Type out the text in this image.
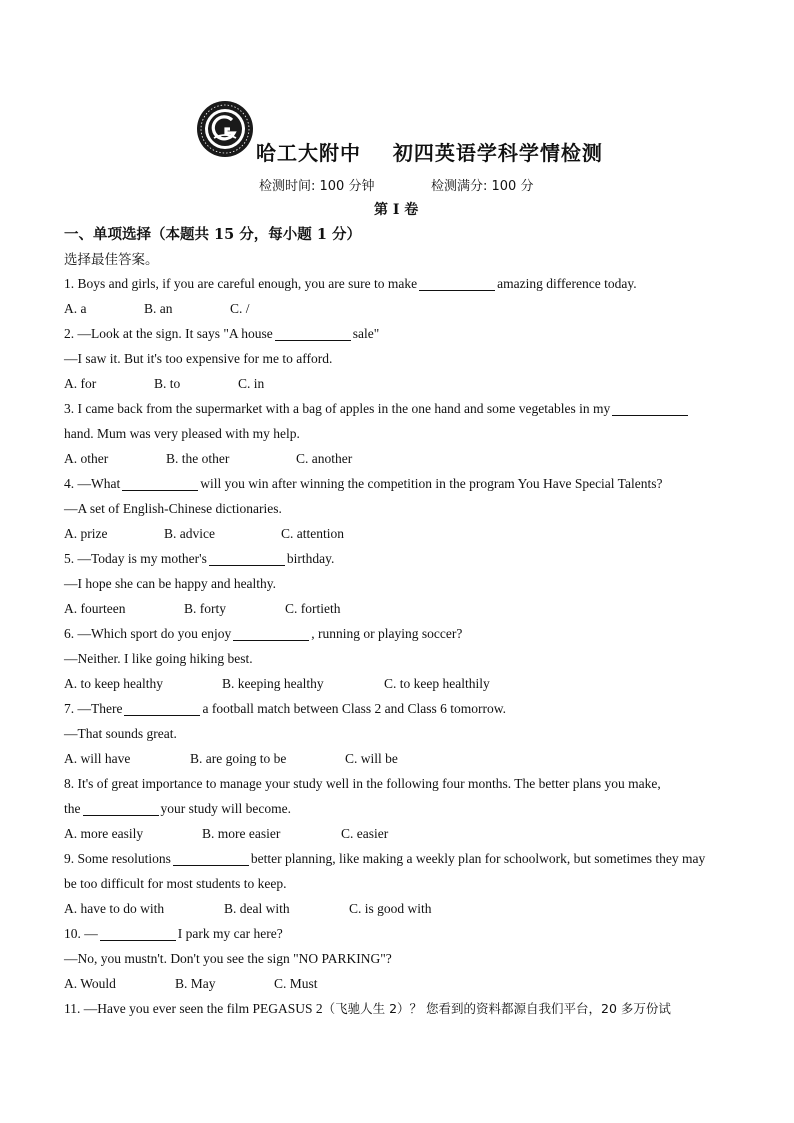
哈工大附中    初四英语学科学情检测
检测时间: 100 分钟	检测满分: 100 分
第 I 卷
一、单项选择（本题共 15 分，每小题 1 分）
选择最佳答案。
1. Boys and girls, if you are careful enough, you are sure to make	amazing difference today.
A. a	B. an	C. /
2. —Look at the sign. It says "A house	sale"
—I saw it. But it's too expensive for me to afford.
A. for	B. to	C. in
3. I came back from the supermarket with a bag of apples in the one hand and some vegetables in my
hand. Mum was very pleased with my help.
A. other	B. the other	C. another
4. —What	will you win after winning the competition in the program You Have Special Talents?
—A set of English-Chinese dictionaries.
A. prize	B. advice	C. attention
5. —Today is my mother's	birthday.
—I hope she can be happy and healthy.
A. fourteen	B. forty	C. fortieth
6. —Which sport do you enjoy	, running or playing soccer?
—Neither. I like going hiking best.
A. to keep healthy	B. keeping healthy	C. to keep healthily
7. —There	a football match between Class 2 and Class 6 tomorrow.
—That sounds great.
A. will have	B. are going to be	C. will be
8. It's of great importance to manage your study well in the following four months. The better plans you make,
the	your study will become.
A. more easily	B. more easier	C. easier
9. Some resolutions	better planning, like making a weekly plan for schoolwork, but sometimes they may
be too difficult for most students to keep.
A. have to do with	B. deal with	C. is good with
10. —	I park my car here?
—No, you mustn't. Don't you see the sign "NO PARKING"?
A. Would	B. May	C. Must
11. —Have you ever seen the film PEGASUS 2（飞驰人生 2）？ 您看到的资料都源自我们平台，20 多万份试
